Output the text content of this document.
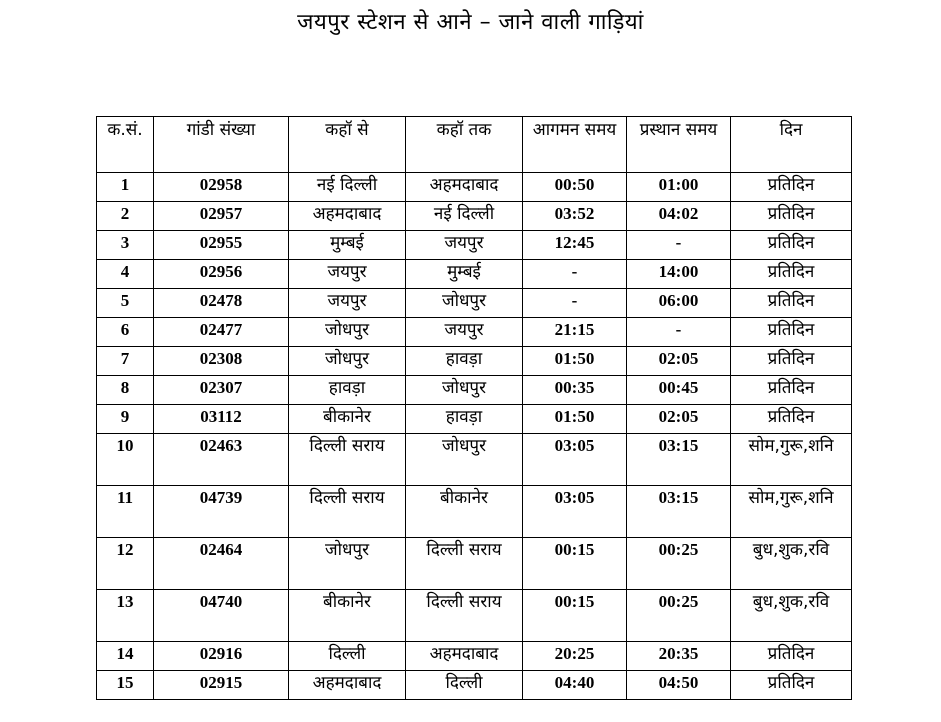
जयपुर स्टेशन से आने – जाने वाली गाड़ियां
क.सं.	गांडी संख्या	कहॉ से	कहॉ तक	आगमन समय	प्रस्थान समय	दिन
1	02958	नई दिल्ली	अहमदाबाद	00:50	01:00	प्रतिदिन
2	02957	अहमदाबाद	नई दिल्ली	03:52	04:02	प्रतिदिन
3	02955	मुम्बई	जयपुर	12:45	-	प्रतिदिन
4	02956	जयपुर	मुम्बई	-	14:00	प्रतिदिन
5	02478	जयपुर	जोधपुर	-	06:00	प्रतिदिन
6	02477	जोधपुर	जयपुर	21:15	-	प्रतिदिन
7	02308	जोधपुर	हावड़ा	01:50	02:05	प्रतिदिन
8	02307	हावड़ा	जोधपुर	00:35	00:45	प्रतिदिन
9	03112	बीकानेर	हावड़ा	01:50	02:05	प्रतिदिन
10	02463	दिल्ली सराय	जोधपुर	03:05	03:15	सोम,गुरू,शनि
11	04739	दिल्ली सराय	बीकानेर	03:05	03:15	सोम,गुरू,शनि
12	02464	जोधपुर	दिल्ली सराय	00:15	00:25	बुध,शुक,रवि
13	04740	बीकानेर	दिल्ली सराय	00:15	00:25	बुध,शुक,रवि
14	02916	दिल्ली	अहमदाबाद	20:25	20:35	प्रतिदिन
15	02915	अहमदाबाद	दिल्ली	04:40	04:50	प्रतिदिन
